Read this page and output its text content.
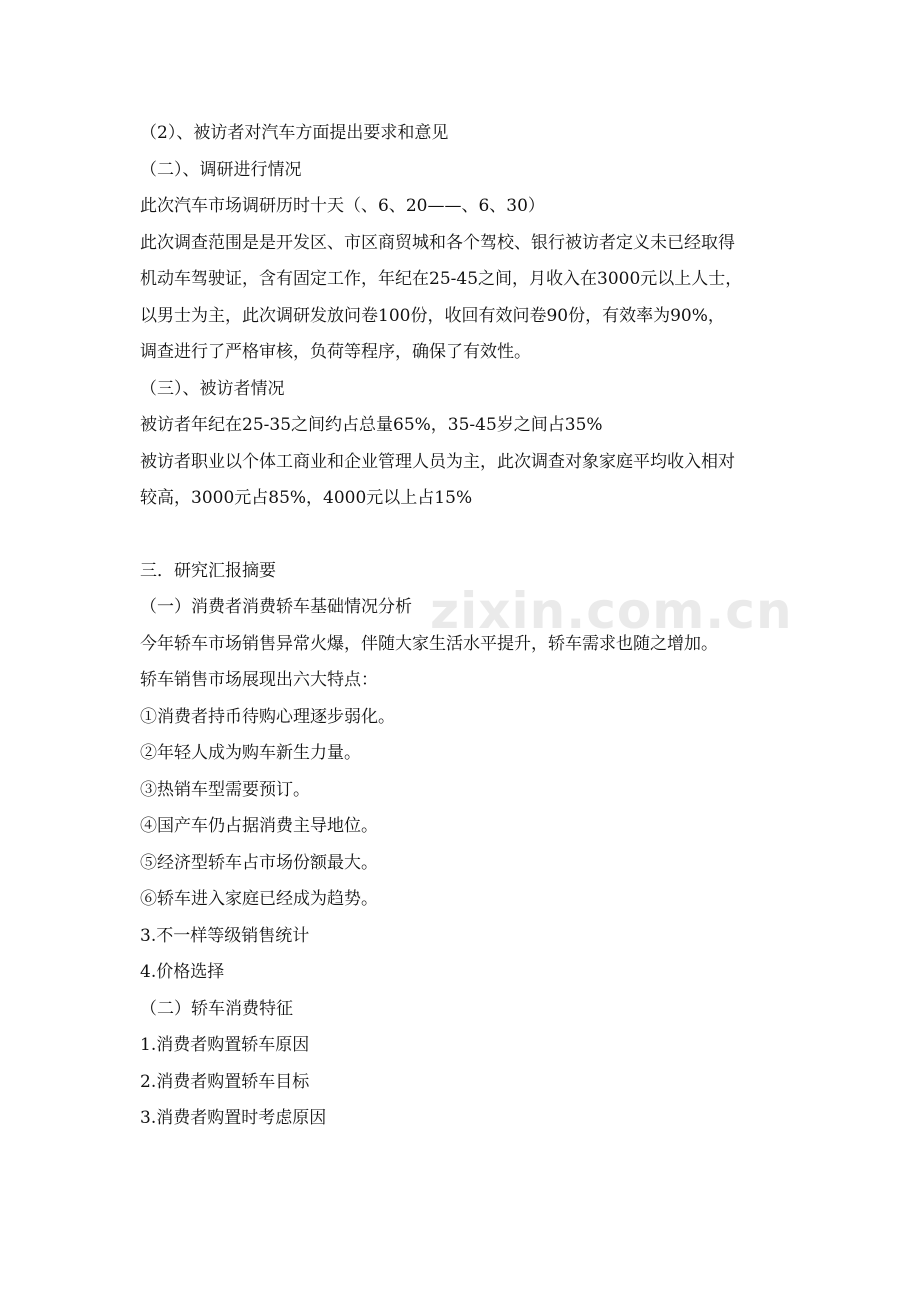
（2）、被访者对汽车方面提出要求和意见
（二）、调研进行情况
此次汽车市场调研历时十天（、6、20——、6、30）
此次调查范围是是开发区、市区商贸城和各个驾校、银行被访者定义未已经取得
机动车驾驶证，含有固定工作，年纪在25-45之间，月收入在3000元以上人士，
以男士为主，此次调研发放问卷100份，收回有效问卷90份，有效率为90%，
调查进行了严格审核，负荷等程序，确保了有效性。
（三）、被访者情况
被访者年纪在25-35之间约占总量65%，35-45岁之间占35%
被访者职业以个体工商业和企业管理人员为主，此次调查对象家庭平均收入相对
较高，3000元占85%，4000元以上占15%
三．研究汇报摘要
（一）消费者消费轿车基础情况分析
今年轿车市场销售异常火爆，伴随大家生活水平提升，轿车需求也随之增加。
轿车销售市场展现出六大特点：
①消费者持币待购心理逐步弱化。
②年轻人成为购车新生力量。
③热销车型需要预订。
④国产车仍占据消费主导地位。
⑤经济型轿车占市场份额最大。
⑥轿车进入家庭已经成为趋势。
3.不一样等级销售统计
4.价格选择
（二）轿车消费特征
1.消费者购置轿车原因
2.消费者购置轿车目标
3.消费者购置时考虑原因
zixin.com.cn
